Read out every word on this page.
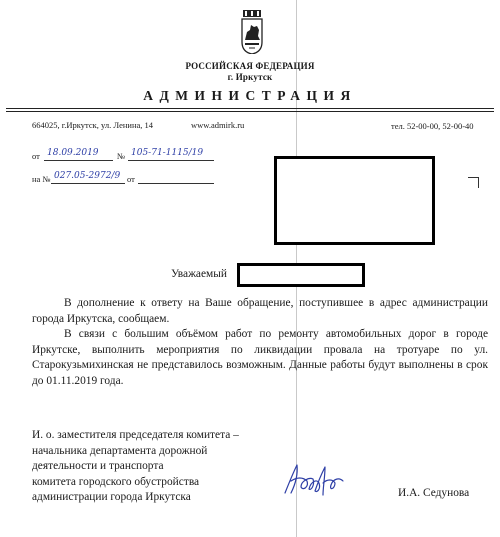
РОССИЙСКАЯ ФЕДЕРАЦИЯ
г. Иркутск
АДМИНИСТРАЦИЯ
664025, г.Иркутск, ул. Ленина, 14	www.admirk.ru	тел. 52-00-00, 52-00-40
от 18.09.2019 № 105-71-1115/19
на № 027.05-2972/9 от
Уважаемый
В дополнение к ответу на Ваше обращение, поступившее в адрес администрации города Иркутска, сообщаем.
В связи с большим объёмом работ по ремонту автомобильных дорог в городе Иркутске, выполнить мероприятия по ликвидации провала на тротуаре по ул. Старокузьмихинская не представилось возможным. Данные работы будут выполнены в срок до 01.11.2019 года.
И. о. заместителя председателя комитета –
начальника департамента дорожной
деятельности и транспорта
комитета городского обустройства
администрации города Иркутска	И.А. Седунова
